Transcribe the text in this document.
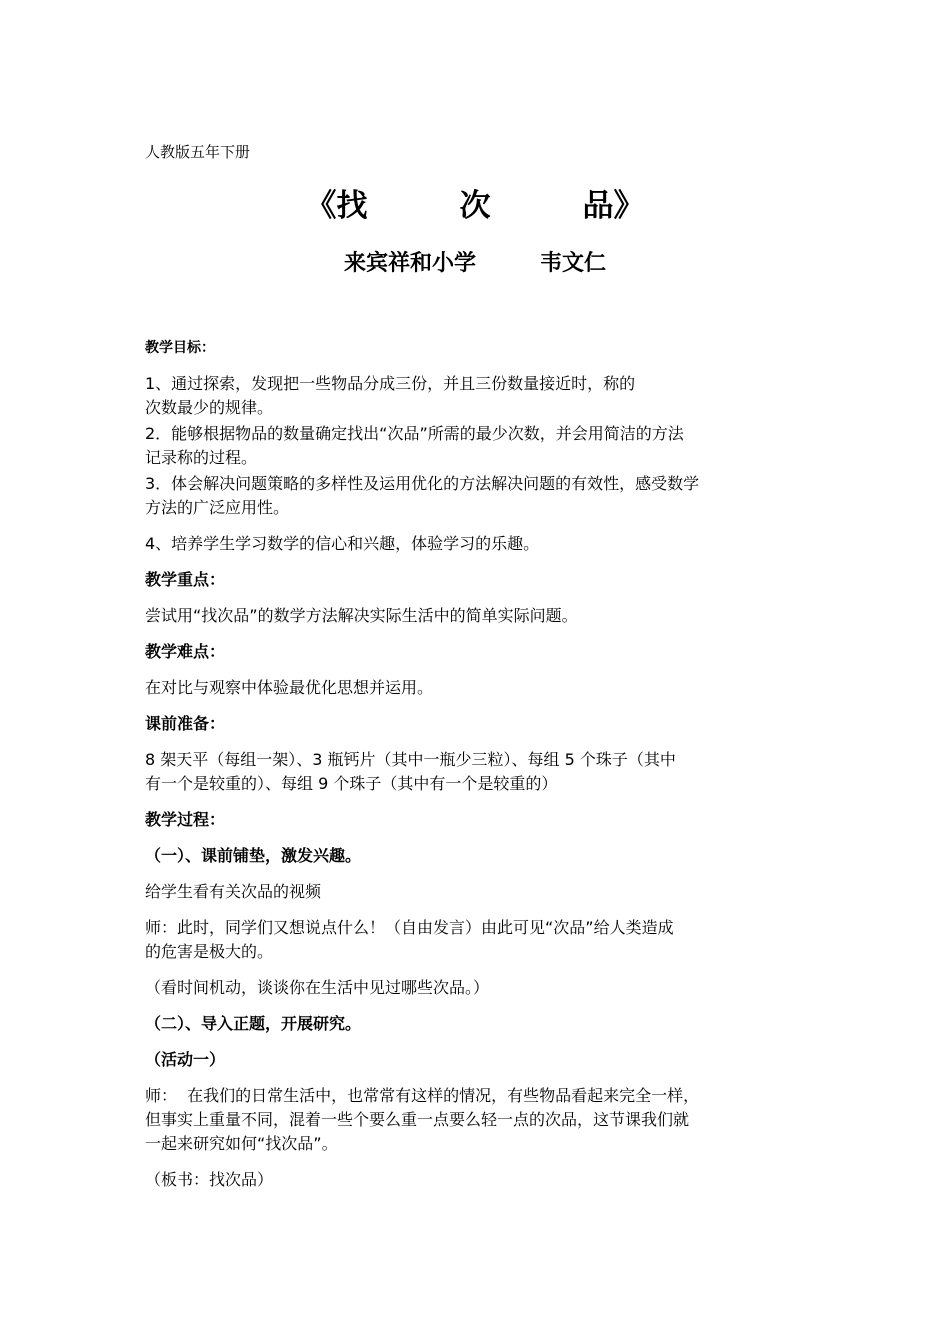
人教版五年下册
《找	次	品》
来宾祥和小学	韦文仁

教学目标：

1、通过探索，发现把一些物品分成三份，并且三份数量接近时，称的

次数最少的规律。

2．能够根据物品的数量确定找出“次品”所需的最少次数，并会用简洁的方法

记录称的过程。

3．体会解决问题策略的多样性及运用优化的方法解决问题的有效性，感受数学

方法的广泛应用性。

4、培养学生学习数学的信心和兴趣，体验学习的乐趣。

教学重点：

尝试用“找次品”的数学方法解决实际生活中的简单实际问题。

教学难点：

在对比与观察中体验最优化思想并运用。

课前准备：

8 架天平（每组一架）、3 瓶钙片（其中一瓶少三粒）、每组 5 个珠子（其中

有一个是较重的）、每组 9 个珠子（其中有一个是较重的）

教学过程：

（一）、课前铺垫，激发兴趣。

给学生看有关次品的视频

师：此时，同学们又想说点什么！（自由发言）由此可见“次品”给人类造成

的危害是极大的。

（看时间机动，谈谈你在生活中见过哪些次品。）

（二）、导入正题，开展研究。

（活动一）

师：  在我们的日常生活中，也常常有这样的情况，有些物品看起来完全一样，

但事实上重量不同，混着一些个要么重一点要么轻一点的次品，这节课我们就

一起来研究如何“找次品”。

（板书：找次品）
